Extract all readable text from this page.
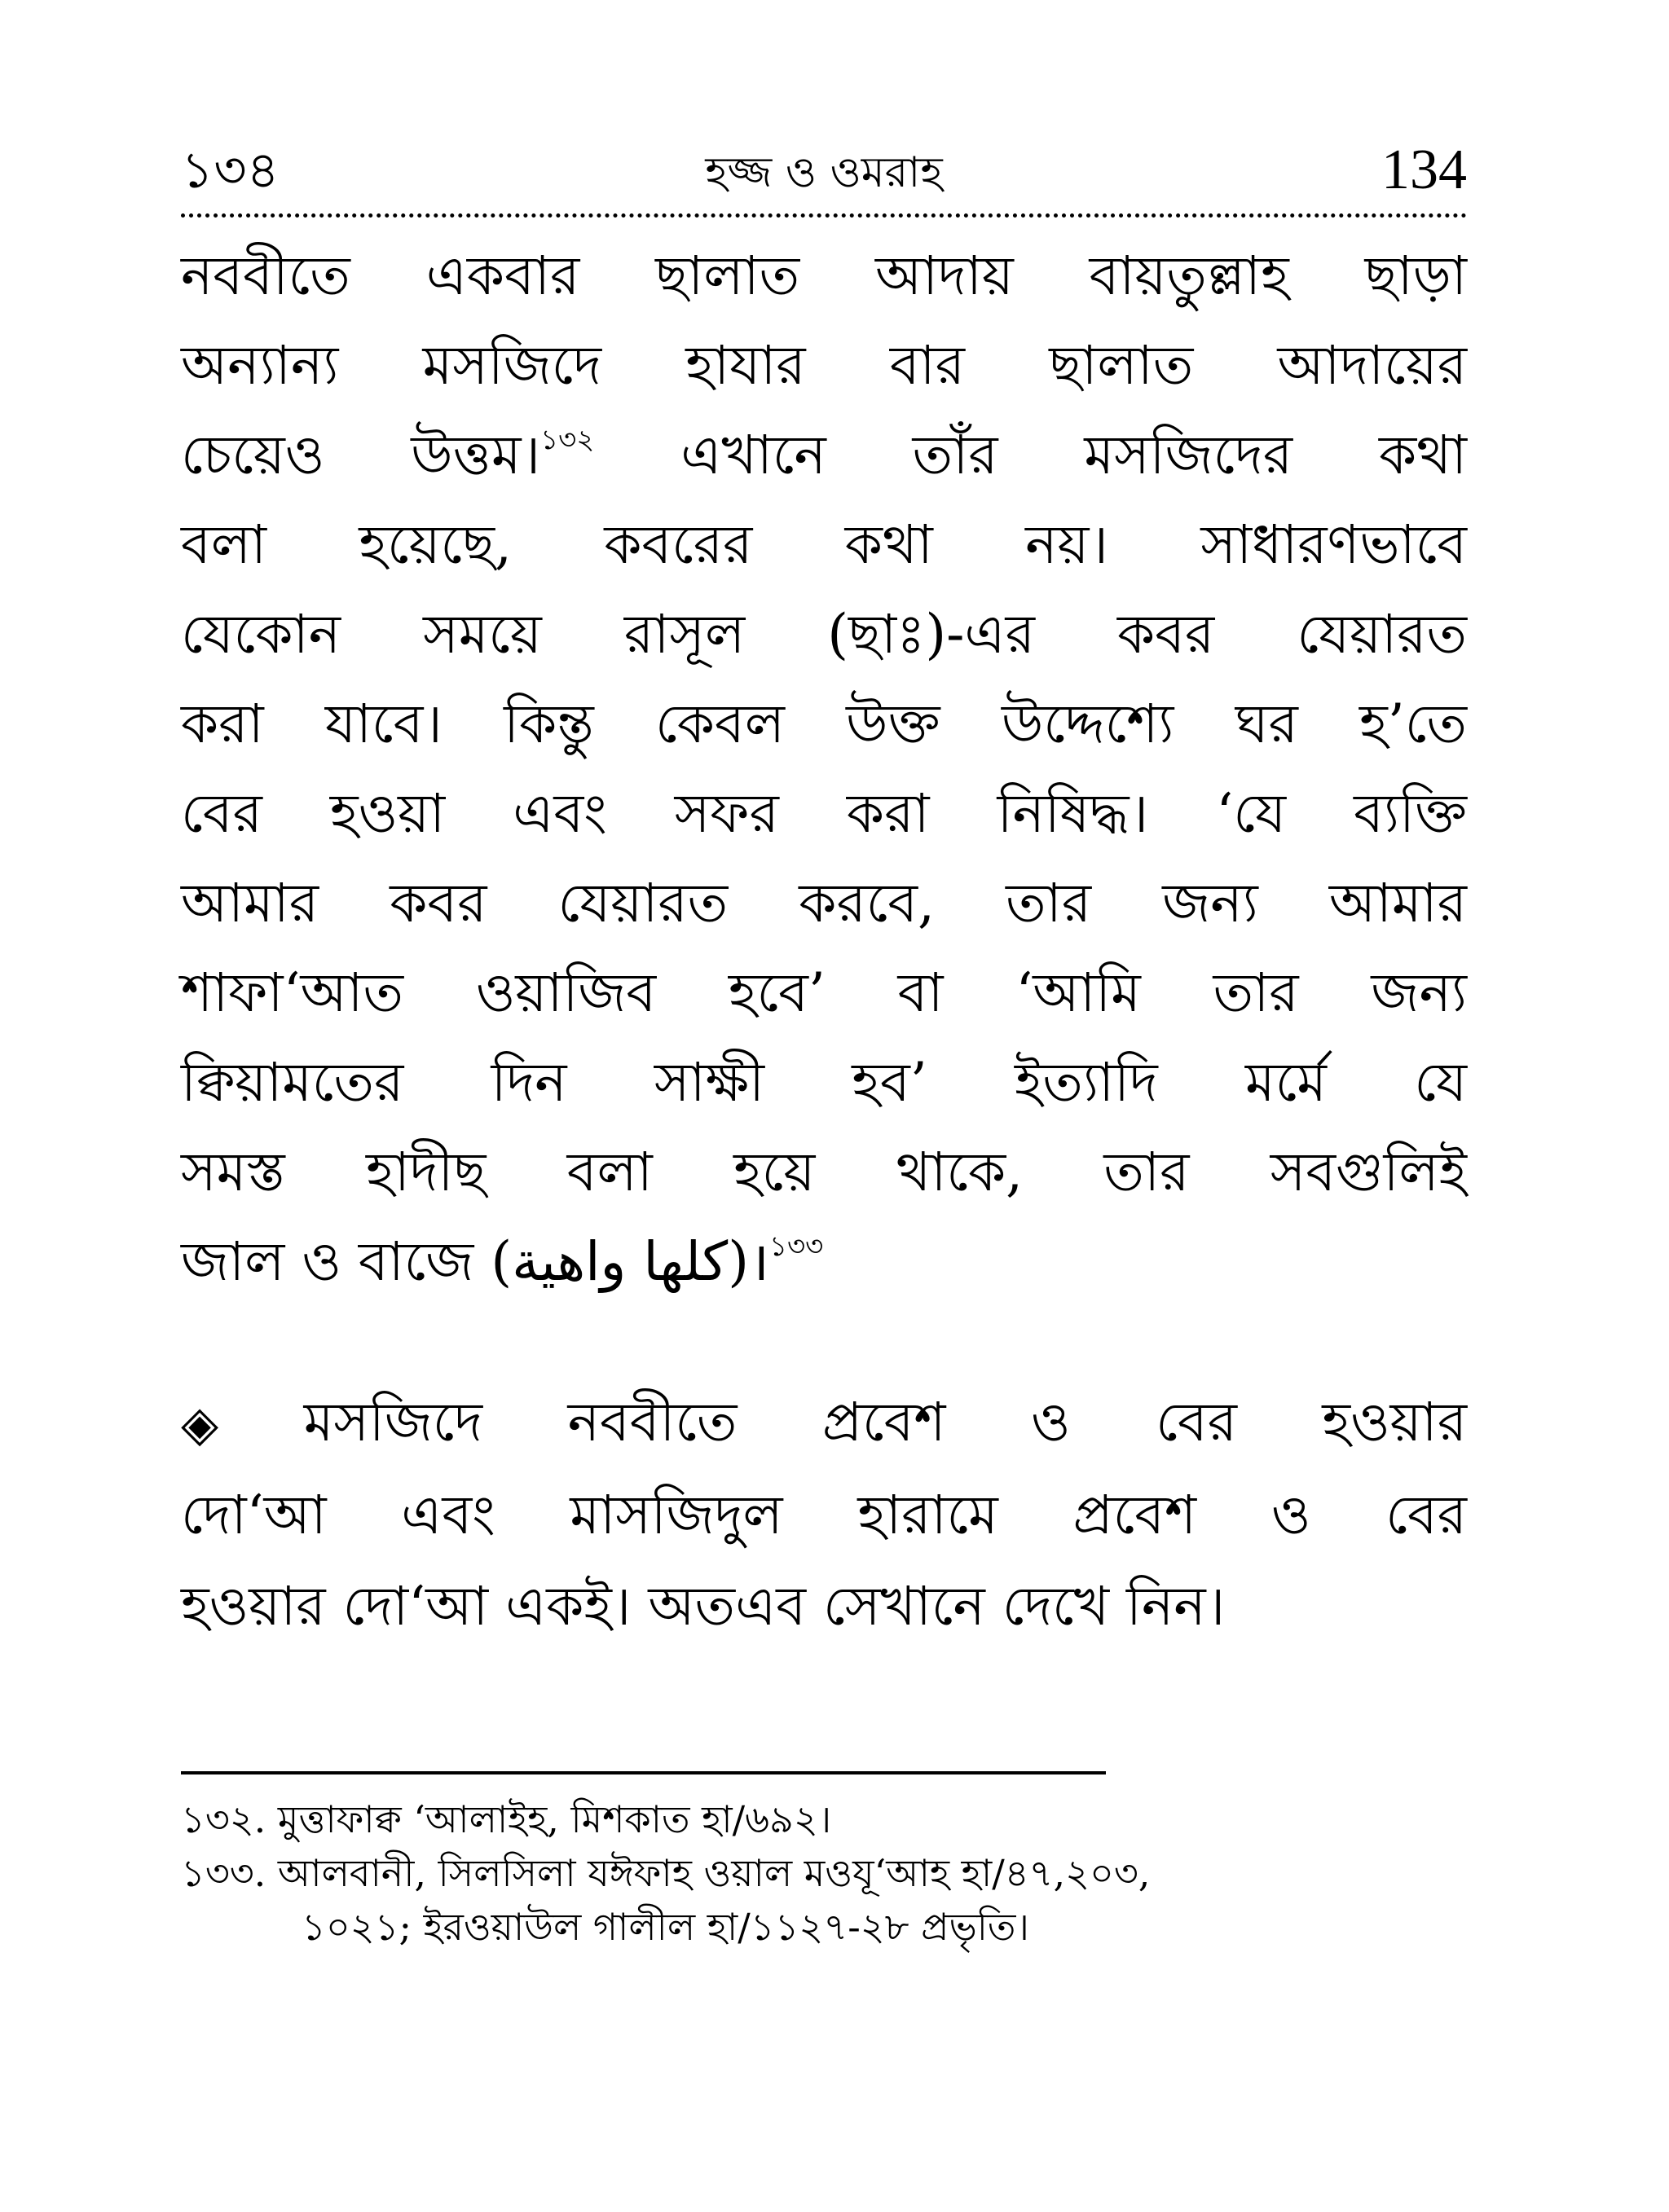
১৩৪	হজ্জ ও ওমরাহ	134
নববীতে একবার ছালাত আদায় বায়তুল্লাহ ছাড়া
অন্যান্য মসজিদে হাযার বার ছালাত আদায়ের
চেয়েও উত্তম।$^{১৩২}$ এখানে তাঁর মসজিদের কথা
বলা হয়েছে, কবরের কথা নয়। সাধারণভাবে
যেকোন সময়ে রাসূল (ছাঃ)-এর কবর যেয়ারত
করা যাবে। কিন্তু কেবল উক্ত উদ্দেশ্যে ঘর হ’তে
বের হওয়া এবং সফর করা নিষিদ্ধ। ‘যে ব্যক্তি
আমার কবর যেয়ারত করবে, তার জন্য আমার
শাফা‘আত ওয়াজিব হবে’ বা ‘আমি তার জন্য
ক্বিয়ামতের দিন সাক্ষী হব’ ইত্যাদি মর্মে যে
সমস্ত হাদীছ বলা হয়ে থাকে, তার সবগুলিই
জাল ও বাজে (كلها واهية)।$^{১৩৩}$
◈ মসজিদে নববীতে প্রবেশ ও বের হওয়ার
দো‘আ এবং মাসজিদুল হারামে প্রবেশ ও বের
হওয়ার দো‘আ একই। অতএব সেখানে দেখে নিন।
১৩২. মুত্তাফাক্ব ‘আলাইহ, মিশকাত হা/৬৯২।
১৩৩. আলবানী, সিলসিলা যঈফাহ ওয়াল মওযূ‘আহ হা/৪৭,২০৩,
১০২১; ইরওয়াউল গালীল হা/১১২৭-২৮ প্রভৃতি।
